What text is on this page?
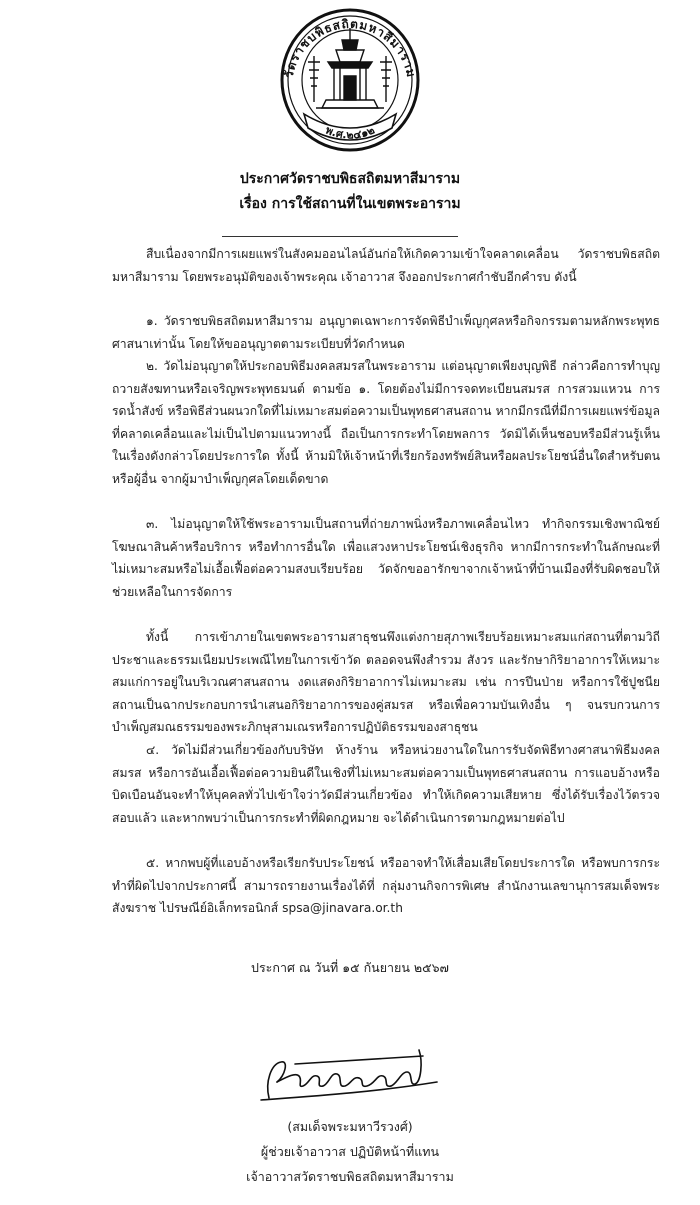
วัดราชบพิธสถิตมหาสีมาราม
พ.ศ.๒๔๑๒
ประกาศวัดราชบพิธสถิตมหาสีมาราม
เรื่อง การใช้สถานที่ในเขตพระอาราม

สืบเนื่องจากมีการเผยแพร่ในสังคมออนไลน์อันก่อให้เกิดความเข้าใจคลาดเคลื่อน วัดราชบพิธสถิตมหาสีมาราม โดยพระอนุมัติของเจ้าพระคุณ เจ้าอาวาส จึงออกประกาศกำชับอีกคำรบ ดังนี้

๑. วัดราชบพิธสถิตมหาสีมาราม อนุญาตเฉพาะการจัดพิธีบำเพ็ญกุศลหรือกิจกรรมตามหลักพระพุทธศาสนาเท่านั้น โดยให้ขออนุญาตตามระเบียบที่วัดกำหนด

๒. วัดไม่อนุญาตให้ประกอบพิธีมงคลสมรสในพระอาราม แต่อนุญาตเพียงบุญพิธี กล่าวคือการทำบุญถวายสังฆทานหรือเจริญพระพุทธมนต์ ตามข้อ ๑. โดยต้องไม่มีการจดทะเบียนสมรส การสวมแหวน การรดน้ำสังข์ หรือพิธีส่วนผนวกใดที่ไม่เหมาะสมต่อความเป็นพุทธศาสนสถาน หากมีกรณีที่มีการเผยแพร่ข้อมูลที่คลาดเคลื่อนและไม่เป็นไปตามแนวทางนี้ ถือเป็นการกระทำโดยพลการ วัดมิได้เห็นชอบหรือมีส่วนรู้เห็นในเรื่องดังกล่าวโดยประการใด ทั้งนี้ ห้ามมิให้เจ้าหน้าที่เรียกร้องทรัพย์สินหรือผลประโยชน์อื่นใดสำหรับตนหรือผู้อื่น จากผู้มาบำเพ็ญกุศลโดยเด็ดขาด

๓. ไม่อนุญาตให้ใช้พระอารามเป็นสถานที่ถ่ายภาพนิ่งหรือภาพเคลื่อนไหว ทำกิจกรรมเชิงพาณิชย์ โฆษณาสินค้าหรือบริการ หรือทำการอื่นใด เพื่อแสวงหาประโยชน์เชิงธุรกิจ หากมีการกระทำในลักษณะที่ไม่เหมาะสมหรือไม่เอื้อเฟื้อต่อความสงบเรียบร้อย วัดจักขออารักขาจากเจ้าหน้าที่บ้านเมืองที่รับผิดชอบให้ช่วยเหลือในการจัดการ

ทั้งนี้ การเข้าภายในเขตพระอารามสาธุชนพึงแต่งกายสุภาพเรียบร้อยเหมาะสมแก่สถานที่ตามวิถีประชาและธรรมเนียมประเพณีไทยในการเข้าวัด ตลอดจนพึงสำรวม สังวร และรักษากิริยาอาการให้เหมาะสมแก่การอยู่ในบริเวณศาสนสถาน งดแสดงกิริยาอาการไม่เหมาะสม เช่น การปีนป่าย หรือการใช้ปูชนียสถานเป็นฉากประกอบการนำเสนอกิริยาอาการของคู่สมรส หรือเพื่อความบันเทิงอื่น ๆ จนรบกวนการบำเพ็ญสมณธรรมของพระภิกษุสามเณรหรือการปฏิบัติธรรมของสาธุชน

๔. วัดไม่มีส่วนเกี่ยวข้องกับบริษัท ห้างร้าน หรือหน่วยงานใดในการรับจัดพิธีทางศาสนาพิธีมงคลสมรส หรือการอันเอื้อเฟื้อต่อความยินดีในเชิงที่ไม่เหมาะสมต่อความเป็นพุทธศาสนสถาน การแอบอ้างหรือบิดเบือนอันจะทำให้บุคคลทั่วไปเข้าใจว่าวัดมีส่วนเกี่ยวข้อง ทำให้เกิดความเสียหาย ซึ่งได้รับเรื่องไว้ตรวจสอบแล้ว และหากพบว่าเป็นการกระทำที่ผิดกฎหมาย จะได้ดำเนินการตามกฎหมายต่อไป

๕. หากพบผู้ที่แอบอ้างหรือเรียกรับประโยชน์ หรืออาจทำให้เสื่อมเสียโดยประการใด หรือพบการกระทำที่ผิดไปจากประกาศนี้ สามารถรายงานเรื่องได้ที่ กลุ่มงานกิจการพิเศษ สำนักงานเลขานุการสมเด็จพระสังฆราช ไปรษณีย์อิเล็กทรอนิกส์ spsa@jinavara.or.th

ประกาศ ณ วันที่ ๑๕ กันยายน ๒๕๖๗
(สมเด็จพระมหาวีรวงศ์)
ผู้ช่วยเจ้าอาวาส ปฏิบัติหน้าที่แทน
เจ้าอาวาสวัดราชบพิธสถิตมหาสีมาราม
